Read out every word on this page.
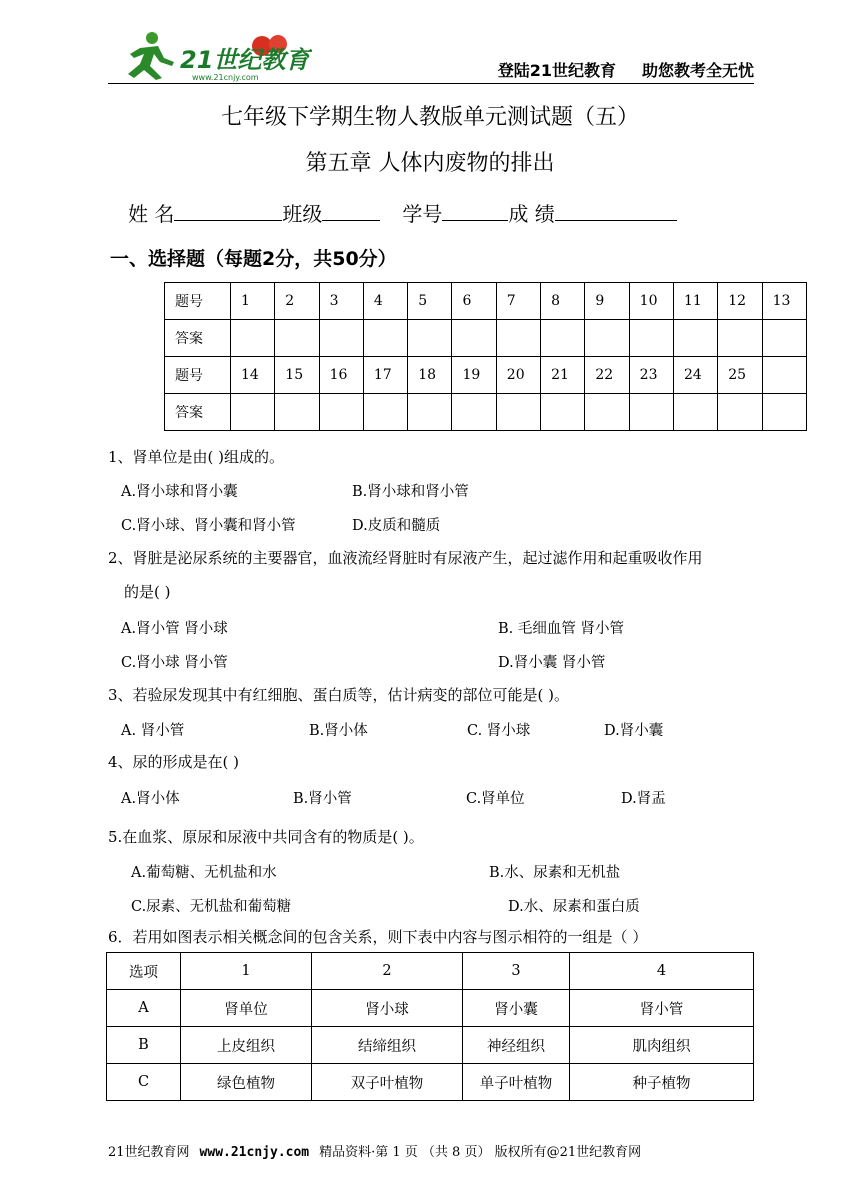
21世纪教育
www.21cnjy.com	登陆21世纪教育 助您教考全无忧
七年级下学期生物人教版单元测试题（五）
第五章 人体内废物的排出
姓 名	班级	学号	成 绩
一、选择题（每题2分，共50分）
题号	1	2	3	4	5	6	7	8	9	10	11	12	13
答案													
题号	14	15	16	17	18	19	20	21	22	23	24	25	
答案													
1、肾单位是由( )组成的。
A.肾小球和肾小囊	B.肾小球和肾小管
C.肾小球、肾小囊和肾小管	D.皮质和髓质
2、肾脏是泌尿系统的主要器官，血液流经肾脏时有尿液产生，起过滤作用和起重吸收作用
的是( )
A.肾小管 肾小球	B. 毛细血管 肾小管
C.肾小球 肾小管	D.肾小囊 肾小管
3、若验尿发现其中有红细胞、蛋白质等，估计病变的部位可能是( )。
A. 肾小管	B.肾小体	C. 肾小球	D.肾小囊
4、尿的形成是在( )
A.肾小体	B.肾小管	C.肾单位	D.肾盂
5.在血浆、原尿和尿液中共同含有的物质是( )。
A.葡萄糖、无机盐和水	B.水、尿素和无机盐
C.尿素、无机盐和葡萄糖	D.水、尿素和蛋白质
6．若用如图表示相关概念间的包含关系，则下表中内容与图示相符的一组是（ ）
选项	1	2	3	4
A	肾单位	肾小球	肾小囊	肾小管
B	上皮组织	结缔组织	神经组织	肌肉组织
C	绿色植物	双子叶植物	单子叶植物	种子植物
21世纪教育网 www.21cnjy.com 精品资料·第 1 页 （共 8 页） 版权所有@21世纪教育网
